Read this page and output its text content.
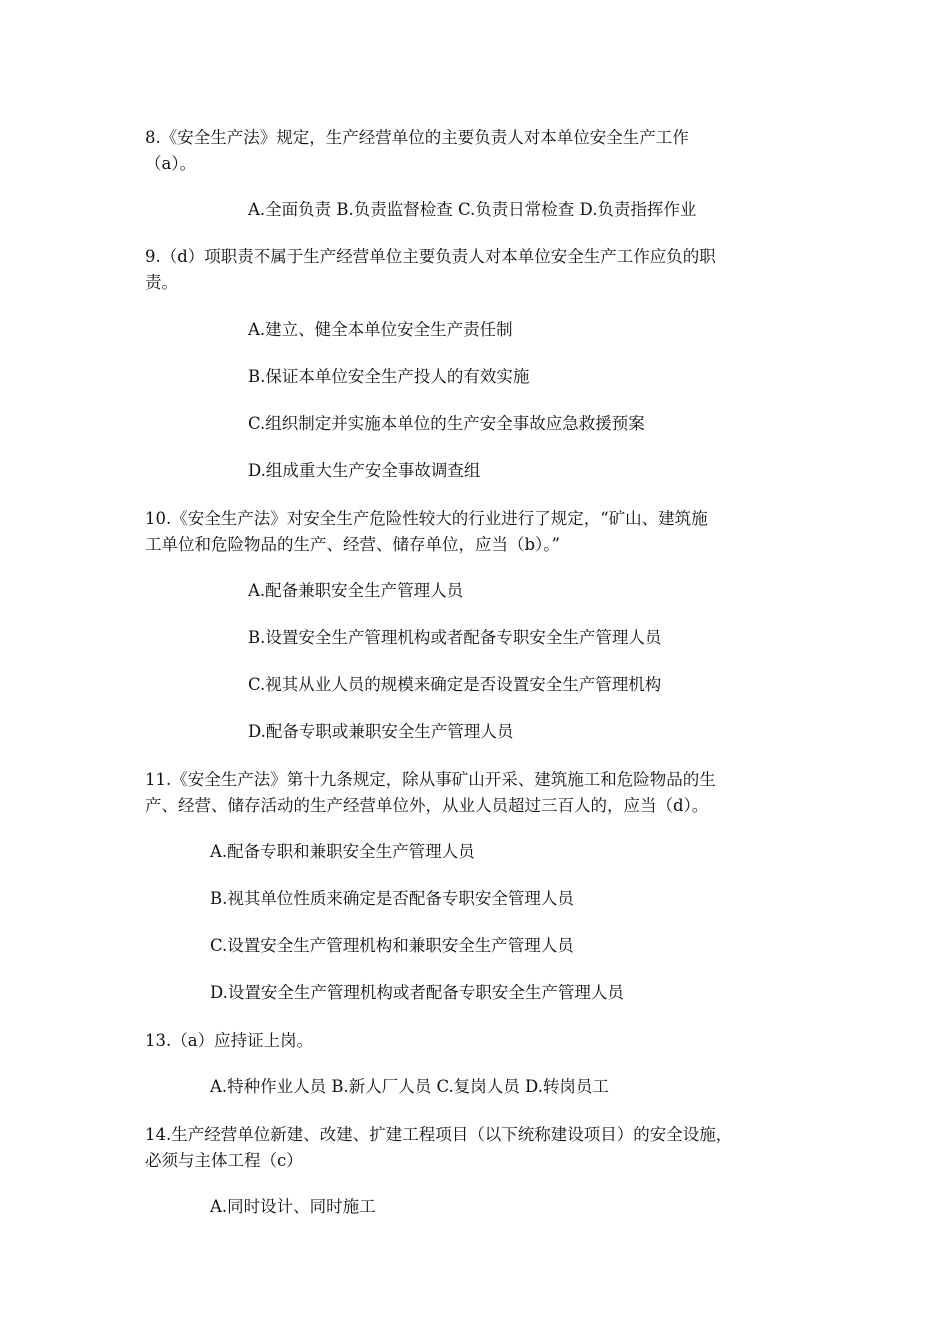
8.《安全生产法》规定，生产经营单位的主要负责人对本单位安全生产工作
（a）。
A.全面负责 B.负责监督检查 C.负责日常检查 D.负责指挥作业
9.（d）项职责不属于生产经营单位主要负责人对本单位安全生产工作应负的职
责。
A.建立、健全本单位安全生产责任制
B.保证本单位安全生产投人的有效实施
C.组织制定并实施本单位的生产安全事故应急救援预案
D.组成重大生产安全事故调查组
10.《安全生产法》对安全生产危险性较大的行业进行了规定，“矿山、建筑施
工单位和危险物品的生产、经营、储存单位，应当（b）。”
A.配备兼职安全生产管理人员
B.设置安全生产管理机构或者配备专职安全生产管理人员
C.视其从业人员的规模来确定是否设置安全生产管理机构
D.配备专职或兼职安全生产管理人员
11.《安全生产法》第十九条规定，除从事矿山开采、建筑施工和危险物品的生
产、经营、储存活动的生产经营单位外，从业人员超过三百人的，应当（d）。
A.配备专职和兼职安全生产管理人员
B.视其单位性质来确定是否配备专职安全管理人员
C.设置安全生产管理机构和兼职安全生产管理人员
D.设置安全生产管理机构或者配备专职安全生产管理人员
13.（a）应持证上岗。
A.特种作业人员 B.新人厂人员 C.复岗人员 D.转岗员工
14.生产经营单位新建、改建、扩建工程项目（以下统称建设项目）的安全设施，
必须与主体工程（c）
A.同时设计、同时施工
